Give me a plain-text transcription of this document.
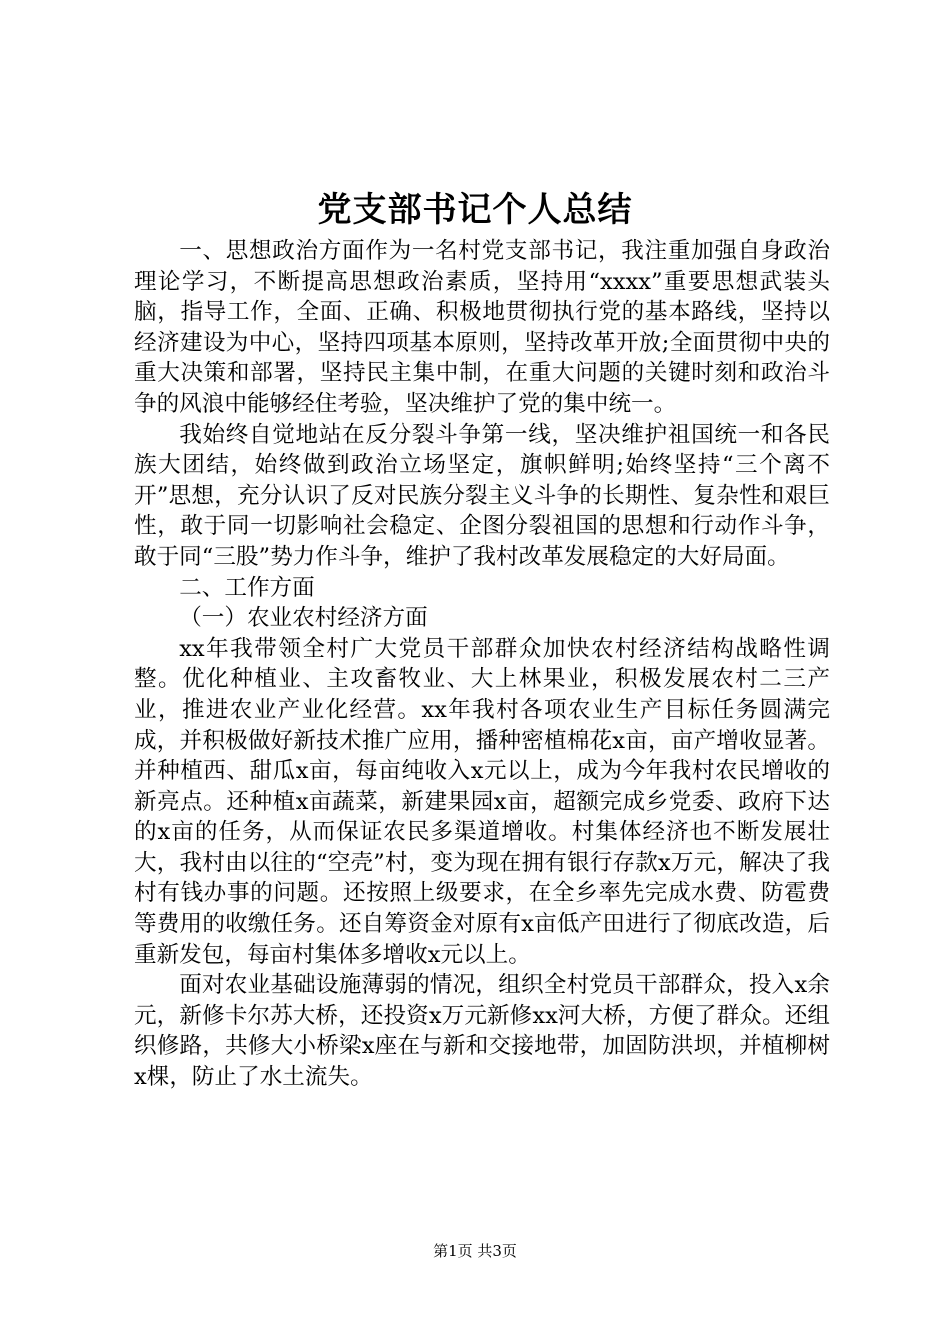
党支部书记个人总结

一、思想政治方面作为一名村党支部书记，我注重加强自身政治理论学习，不断提高思想政治素质，坚持用“xxxx”重要思想武装头脑，指导工作，全面、正确、积极地贯彻执行党的基本路线，坚持以经济建设为中心，坚持四项基本原则，坚持改革开放;全面贯彻中央的重大决策和部署，坚持民主集中制，在重大问题的关键时刻和政治斗争的风浪中能够经住考验，坚决维护了党的集中统一。

我始终自觉地站在反分裂斗争第一线，坚决维护祖国统一和各民族大团结，始终做到政治立场坚定，旗帜鲜明;始终坚持“三个离不开”思想，充分认识了反对民族分裂主义斗争的长期性、复杂性和艰巨性，敢于同一切影响社会稳定、企图分裂祖国的思想和行动作斗争，敢于同“三股”势力作斗争，维护了我村改革发展稳定的大好局面。

二、工作方面

（一）农业农村经济方面

xx年我带领全村广大党员干部群众加快农村经济结构战略性调整。优化种植业、主攻畜牧业、大上林果业，积极发展农村二三产业，推进农业产业化经营。xx年我村各项农业生产目标任务圆满完成，并积极做好新技术推广应用，播种密植棉花x亩，亩产增收显著。并种植西、甜瓜x亩，每亩纯收入x元以上，成为今年我村农民增收的新亮点。还种植x亩蔬菜，新建果园x亩，超额完成乡党委、政府下达的x亩的任务，从而保证农民多渠道增收。村集体经济也不断发展壮大，我村由以往的“空壳”村，变为现在拥有银行存款x万元，解决了我村有钱办事的问题。还按照上级要求，在全乡率先完成水费、防雹费等费用的收缴任务。还自筹资金对原有x亩低产田进行了彻底改造，后重新发包，每亩村集体多增收x元以上。

面对农业基础设施薄弱的情况，组织全村党员干部群众，投入x余元，新修卡尔苏大桥，还投资x万元新修xx河大桥，方便了群众。还组织修路，共修大小桥梁x座在与新和交接地带，加固防洪坝，并植柳树x棵，防止了水土流失。

第1页 共3页
